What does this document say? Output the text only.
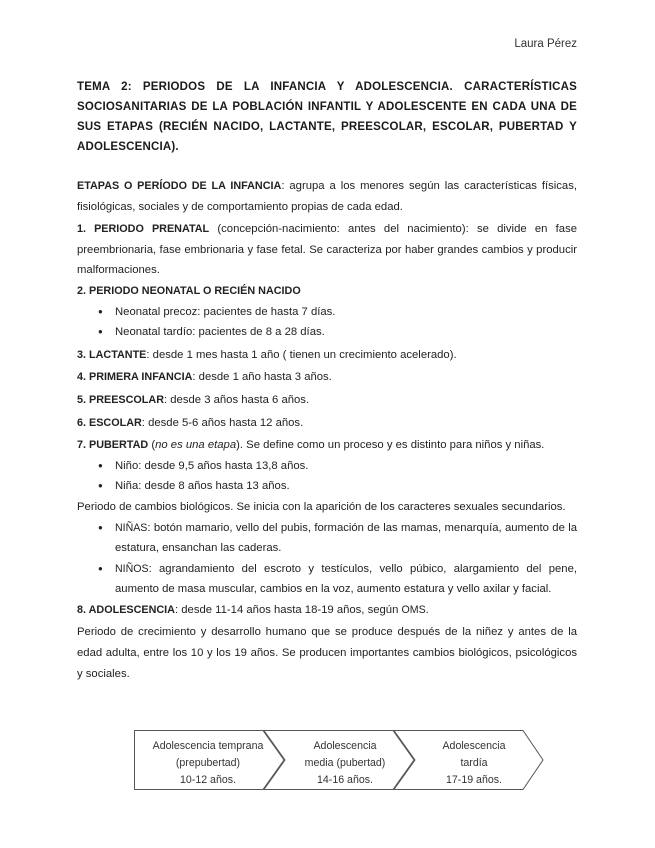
Laura Pérez
TEMA 2: PERIODOS DE LA INFANCIA Y ADOLESCENCIA. CARACTERÍSTICAS SOCIOSANITARIAS DE LA POBLACIÓN INFANTIL Y ADOLESCENTE EN CADA UNA DE SUS ETAPAS (RECIÉN NACIDO, LACTANTE, PREESCOLAR, ESCOLAR, PUBERTAD Y ADOLESCENCIA).

ETAPAS O PERÍODO DE LA INFANCIA: agrupa a los menores según las características físicas, fisiológicas, sociales y de comportamiento propias de cada edad.

1. PERIODO PRENATAL (concepción-nacimiento: antes del nacimiento): se divide en fase preembrionaria, fase embrionaria y fase fetal. Se caracteriza por haber grandes cambios y producir malformaciones.

2. PERIODO NEONATAL O RECIÉN NACIDO

● Neonatal precoz: pacientes de hasta 7 días.
● Neonatal tardío: pacientes de 8 a 28 días.

3. LACTANTE: desde 1 mes hasta 1 año ( tienen un crecimiento acelerado).

4. PRIMERA INFANCIA: desde 1 año hasta 3 años.

5. PREESCOLAR: desde 3 años hasta 6 años.

6. ESCOLAR: desde 5-6 años hasta 12 años.

7. PUBERTAD (no es una etapa). Se define como un proceso y es distinto para niños y niñas.

● Niño: desde 9,5 años hasta 13,8 años.
● Niña: desde 8 años hasta 13 años.

Periodo de cambios biológicos. Se inicia con la aparición de los caracteres sexuales secundarios.

● NIÑAS: botón mamario, vello del pubis, formación de las mamas, menarquía, aumento de la estatura, ensanchan las caderas.
● NIÑOS: agrandamiento del escroto y testículos, vello púbico, alargamiento del pene, aumento de masa muscular, cambios en la voz, aumento estatura y vello axilar y facial.

8. ADOLESCENCIA: desde 11-14 años hasta 18-19 años, según OMS.

Periodo de crecimiento y desarrollo humano que se produce después de la niñez y antes de la edad adulta, entre los 10 y los 19 años. Se producen importantes cambios biológicos, psicológicos y sociales.

Adolescencia temprana
(prepubertad)
10-12 años.
Adolescencia
media (pubertad)
14-16 años.
Adolescencia
tardía
17-19 años.
